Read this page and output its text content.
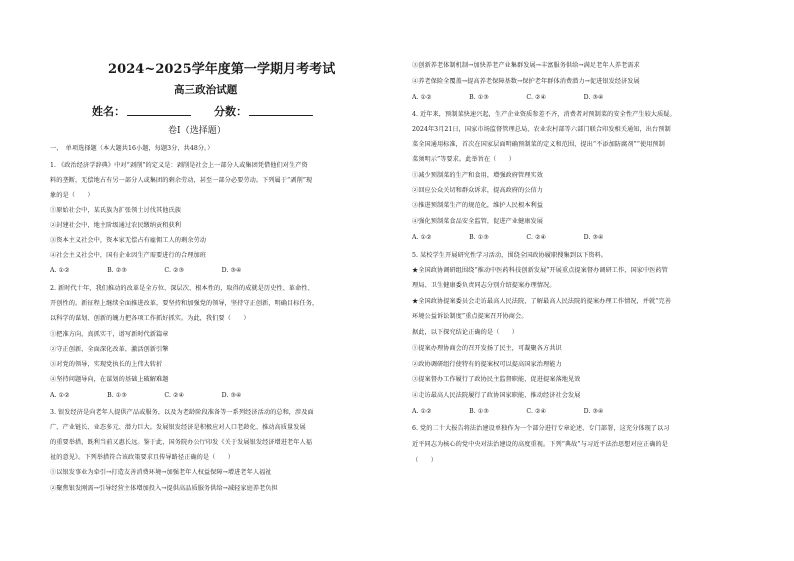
2024~2025学年度第一学期月考考试
高三政治试题
姓名：	分数：
卷Ⅰ（选择题）
一、　单项选择题（本大题共16小题，每题3分，共48分。）
1. 《政治经济学辞典》中对“剥削”的定义是：剥削是社会上一部分人或集团凭借他们对生产资
料的垄断，无偿地占有另一部分人或集团的剩余劳动，甚至一部分必要劳动。下列属于“剥削”现
象的是（　　）
①原始社会中，某氏族为扩张领土讨伐其他氏族
②封建社会中，地主阶级通过农民缴纳贡租获利
③资本主义社会中，资本家无偿占有雇佣工人的剩余劳动
④社会主义社会中，国有企业因生产需要进行的合理加班
A. ①②　　　　　　B. ②③　　　　　　C. ②③　　　　　　D. ③④
2. 新时代十年，我们推动的改革是全方位、深层次、根本性的，取得的成就是历史性、革命性、
开创性的。新征程上继续全面推进改革，要坚持和加强党的领导，坚持守正创新，明确目标任务，
以科学的谋划、创新的魄力把各项工作抓好抓实。为此，我们要（　　）
①把准方向，真抓实干，谱写新时代新篇章
②守正创新，全面深化改革，激活创新引擎
③对党的领导，实现党执长的上伟大转折
④坚持问题导向，在谋划的基础上破解难题
A. ①②　　　　　　B. ①③　　　　　　C. ②④　　　　　　D. ③④
3. 银发经济是向老年人提供产品或服务，以及为老龄阶段准备等一系列经济活动的总和，涉及面
广、产业链长、业态多元、潜力巨大。发展银发经济是积极应对人口老龄化、推动高质量发展
的重要举措，既利当前又惠长远。鉴于此，国务院办公厅印发《关于发展银发经济增进老年人福
祉的意见》。下列举措符合该政策要求且传导路径正确的是（　　）
①以银发事业为牵引→打造友善消费环境→加强老年人权益保障→增进老年人福祉
②聚焦银发刚需→引导经营主体增加投入→提供高品质服务供给→减轻家庭养老负担
③创新养老体制机制→加快养老产业集群发展→丰富服务供给→满足老年人养老需求
④养老保险全覆盖→提高养老保障基数→保护老年群体消费潜力→促进银发经济发展
A. ①②　　　　　　B. ①③　　　　　　C. ②④　　　　　　D. ③④
4. 近年来，预制菜快速兴起，生产企业资质参差不齐，消费者对预制菜的安全性产生较大质疑。
2024年3月21日，国家市场监督管理总局、农业农村部等六部门联合印发相关通知，出台预制
菜全国通用标准，首次在国家层面明确预制菜的定义和范围，提出“不添加防腐剂”“使用预制
菜须明示”等要求。此举旨在（　　）
①减少预制菜的生产和食用，增强政府管理实效
②回应公众关切和群众诉求，提高政府的公信力
③推进预制菜生产的规范化，维护人民根本利益
④强化预制菜食品安全监管，促进产业健康发展
A. ①②　　　　　　B. ①③　　　　　　C. ②④　　　　　　D. ③④
5. 某校学生开展研究性学习活动，围绕全国政协履职搜集到以下资料。
★全国政协调研组围绕“推动中医药科技创新发展”开展重点提案督办调研工作，国家中医药管
理局、卫生健康委负责同志分别介绍提案办理情况。
★全国政协提案委员会走访最高人民法院，了解最高人民法院的提案办理工作情况，并就“完善
环境公益诉讼制度”重点提案召开协商会。
据此，以下探究结论正确的是（　　）
①提案办理协商会的召开发扬了民主，可凝聚各方共识
②政协调研组行使特有的提案权可以提高国家治理能力
③提案督办工作履行了政协民主监督职能，促进提案落地见效
④走访最高人民法院履行了政协国家职能，推动经济社会发展
A. ①②　　　　　　B. ①③　　　　　　C. ②④　　　　　　D. ③④
6. 党的二十大报告将法治建设单独作为一个部分进行专章论述、专门部署，这充分体现了以习
近平同志为核心的党中央对法治建设的高度重视。下列“典故”与习近平法治思想对应正确的是
（　　）
